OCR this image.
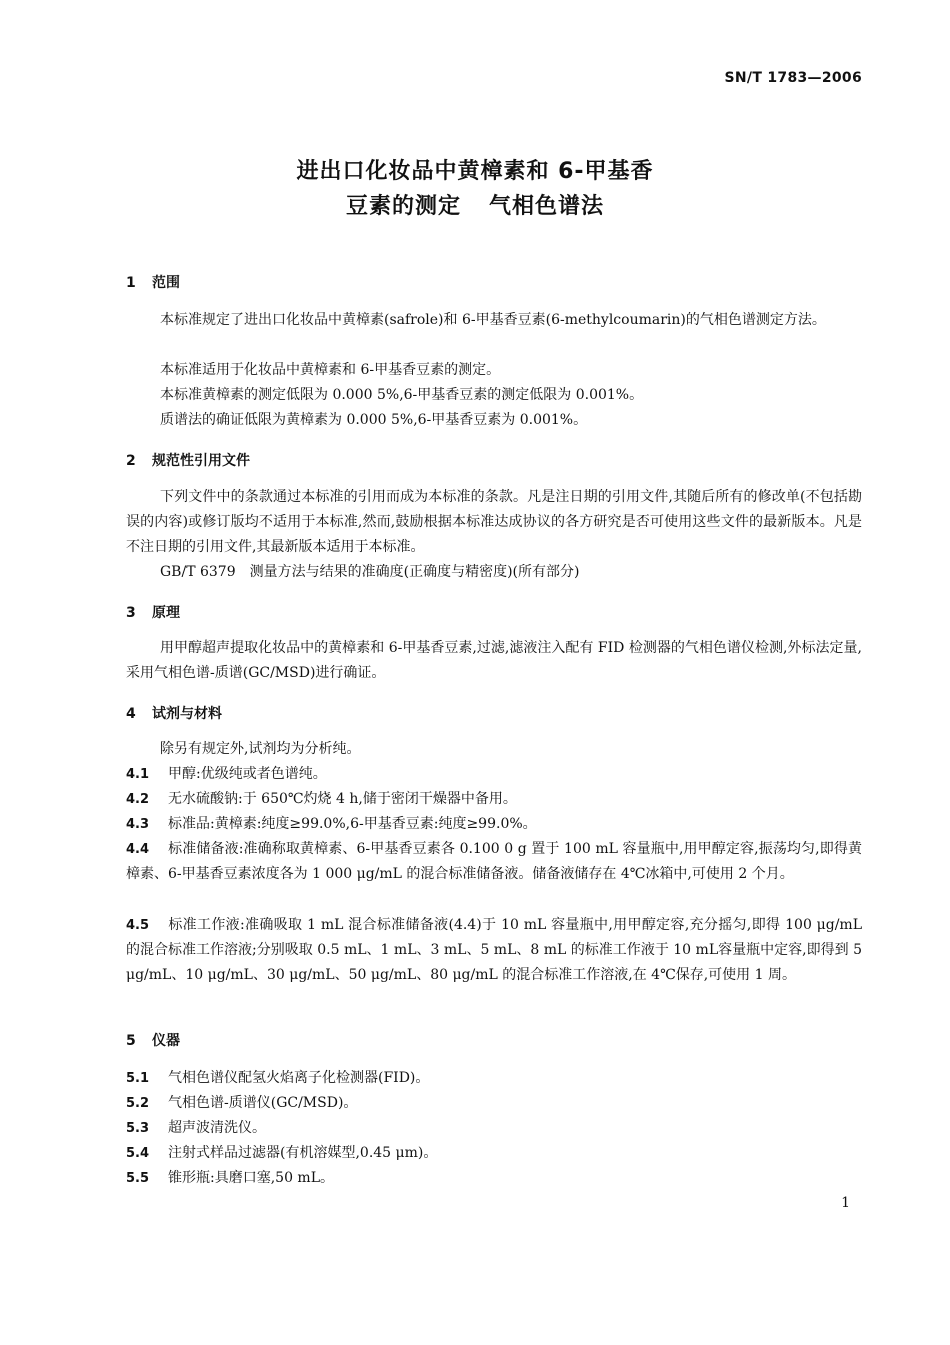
SN/T 1783—2006
进出口化妆品中黄樟素和 6-甲基香
豆素的测定 气相色谱法
1 范围
本标准规定了进出口化妆品中黄樟素(safrole)和 6-甲基香豆素(6-methylcoumarin)的气相色谱测定方法。
本标准适用于化妆品中黄樟素和 6-甲基香豆素的测定。
本标准黄樟素的测定低限为 0.000 5%,6-甲基香豆素的测定低限为 0.001%。
质谱法的确证低限为黄樟素为 0.000 5%,6-甲基香豆素为 0.001%。
2 规范性引用文件
下列文件中的条款通过本标准的引用而成为本标准的条款。凡是注日期的引用文件,其随后所有的修改单(不包括勘误的内容)或修订版均不适用于本标准,然而,鼓励根据本标准达成协议的各方研究是否可使用这些文件的最新版本。凡是不注日期的引用文件,其最新版本适用于本标准。
GB/T 6379　测量方法与结果的准确度(正确度与精密度)(所有部分)
3 原理
用甲醇超声提取化妆品中的黄樟素和 6-甲基香豆素,过滤,滤液注入配有 FID 检测器的气相色谱仪检测,外标法定量,采用气相色谱-质谱(GC/MSD)进行确证。
4 试剂与材料
除另有规定外,试剂均为分析纯。
4.1 甲醇:优级纯或者色谱纯。
4.2 无水硫酸钠:于 650℃灼烧 4 h,储于密闭干燥器中备用。
4.3 标准品:黄樟素:纯度≥99.0%,6-甲基香豆素:纯度≥99.0%。
4.4 标准储备液:准确称取黄樟素、6-甲基香豆素各 0.100 0 g 置于 100 mL 容量瓶中,用甲醇定容,振荡均匀,即得黄樟素、6-甲基香豆素浓度各为 1 000 μg/mL 的混合标准储备液。储备液储存在 4℃冰箱中,可使用 2 个月。
4.5 标准工作液:准确吸取 1 mL 混合标准储备液(4.4)于 10 mL 容量瓶中,用甲醇定容,充分摇匀,即得 100 μg/mL 的混合标准工作溶液;分别吸取 0.5 mL、1 mL、3 mL、5 mL、8 mL 的标准工作液于 10 mL容量瓶中定容,即得到 5 μg/mL、10 μg/mL、30 μg/mL、50 μg/mL、80 μg/mL 的混合标准工作溶液,在 4℃保存,可使用 1 周。
5 仪器
5.1 气相色谱仪配氢火焰离子化检测器(FID)。
5.2 气相色谱-质谱仪(GC/MSD)。
5.3 超声波清洗仪。
5.4 注射式样品过滤器(有机溶媒型,0.45 μm)。
5.5 锥形瓶:具磨口塞,50 mL。
1
